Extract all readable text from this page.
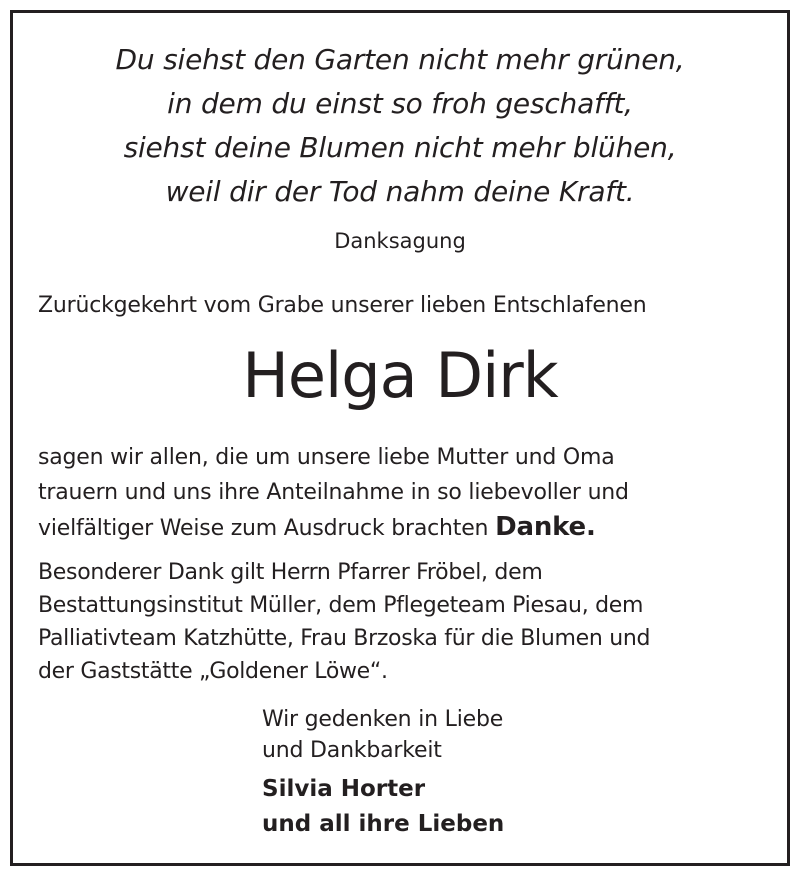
Du siehst den Garten nicht mehr grünen,
in dem du einst so froh geschafft,
siehst deine Blumen nicht mehr blühen,
weil dir der Tod nahm deine Kraft.
Danksagung
Zurückgekehrt vom Grabe unserer lieben Entschlafenen
Helga Dirk
sagen wir allen, die um unsere liebe Mutter und Oma
trauern und uns ihre Anteilnahme in so liebevoller und
vielfältiger Weise zum Ausdruck brachten Danke.
Besonderer Dank gilt Herrn Pfarrer Fröbel, dem
Bestattungsinstitut Müller, dem Pflegeteam Piesau, dem
Palliativteam Katzhütte, Frau Brzoska für die Blumen und
der Gaststätte „Goldener Löwe“.
Wir gedenken in Liebe
und Dankbarkeit
Silvia Horter
und all ihre Lieben
